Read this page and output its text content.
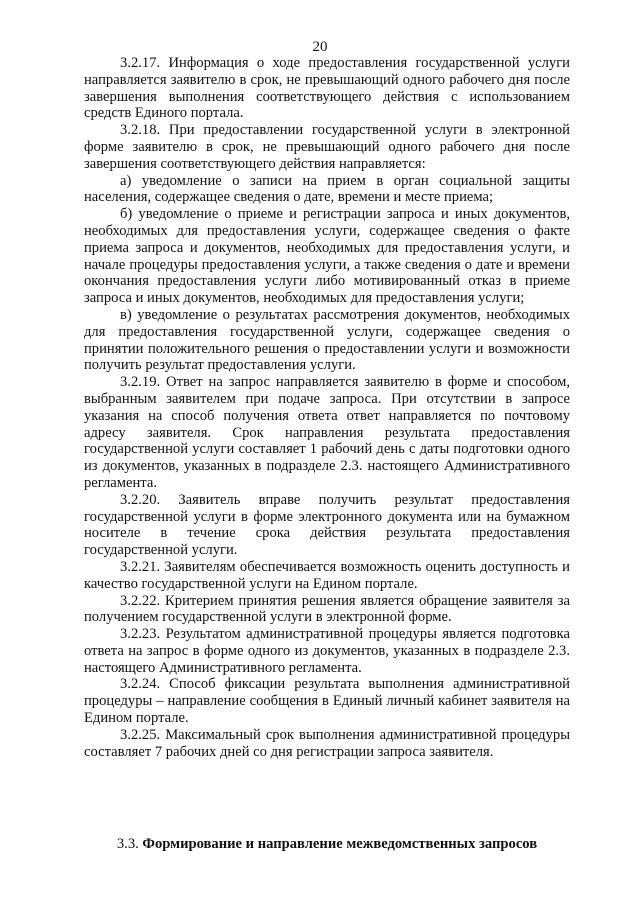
20

3.2.17. Информация о ходе предоставления государственной услуги направляется заявителю в срок, не превышающий одного рабочего дня после завершения выполнения соответствующего действия с использованием средств Единого портала.

3.2.18. При предоставлении государственной услуги в электронной форме заявителю в срок, не превышающий одного рабочего дня после завершения соответствующего действия направляется:

а) уведомление о записи на прием в орган социальной защиты населения, содержащее сведения о дате, времени и месте приема;

б) уведомление о приеме и регистрации запроса и иных документов, необходимых для предоставления услуги, содержащее сведения о факте приема запроса и документов, необходимых для предоставления услуги, и начале процедуры предоставления услуги, а также сведения о дате и времени окончания предоставления услуги либо мотивированный отказ в приеме запроса и иных документов, необходимых для предоставления услуги;

в) уведомление о результатах рассмотрения документов, необходимых для предоставления государственной услуги, содержащее сведения о принятии положительного решения о предоставлении услуги и возможности получить результат предоставления услуги.

3.2.19. Ответ на запрос направляется заявителю в форме и способом, выбранным заявителем при подаче запроса. При отсутствии в запросе указания на способ получения ответа ответ направляется по почтовому адресу заявителя. Срок направления результата предоставления государственной услуги составляет 1 рабочий день с даты подготовки одного из документов, указанных в подразделе 2.3. настоящего Административного регламента.

3.2.20. Заявитель вправе получить результат предоставления государственной услуги в форме электронного документа или на бумажном носителе в течение срока действия результата предоставления государственной услуги.

3.2.21. Заявителям обеспечивается возможность оценить доступность и качество государственной услуги на Едином портале.

3.2.22. Критерием принятия решения является обращение заявителя за получением государственной услуги в электронной форме.

3.2.23. Результатом административной процедуры является подготовка ответа на запрос в форме одного из документов, указанных в подразделе 2.3. настоящего Административного регламента.

3.2.24. Способ фиксации результата выполнения административной процедуры – направление сообщения в Единый личный кабинет заявителя на Едином портале.

3.2.25. Максимальный срок выполнения административной процедуры составляет 7 рабочих дней со дня регистрации запроса заявителя.

3.3. Формирование и направление межведомственных запросов
